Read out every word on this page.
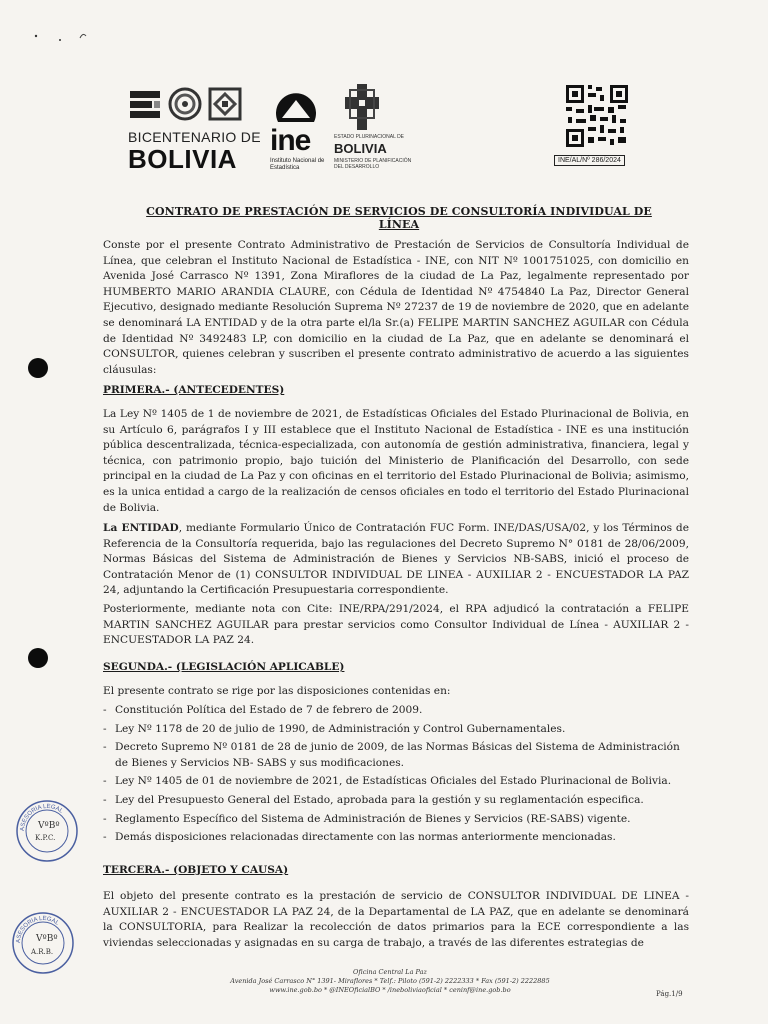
BICENTENARIO DE
BOLIVIA
ine
Instituto Nacional de Estadística
ESTADO PLURINACIONAL DE
BOLIVIA
MINISTERIO DE PLANIFICACIÓN DEL DESARROLLO
INE/AL/Nº 286/2024
CONTRATO DE PRESTACIÓN DE SERVICIOS DE CONSULTORÍA INDIVIDUAL DE LÍNEA
Conste por el presente Contrato Administrativo de Prestación de Servicios de Consultoría Individual de Línea, que celebran el Instituto Nacional de Estadística - INE, con NIT Nº 1001751025, con domicilio en Avenida José Carrasco Nº 1391, Zona Miraflores de la ciudad de La Paz, legalmente representado por HUMBERTO MARIO ARANDIA CLAURE, con Cédula de Identidad Nº 4754840 La Paz, Director General Ejecutivo, designado mediante Resolución Suprema Nº 27237 de 19 de noviembre de 2020, que en adelante se denominará LA ENTIDAD y de la otra parte el/la Sr.(a) FELIPE MARTIN SANCHEZ AGUILAR con Cédula de Identidad Nº 3492483 LP, con domicilio en la ciudad de La Paz, que en adelante se denominará el CONSULTOR, quienes celebran y suscriben el presente contrato administrativo de acuerdo a las siguientes cláusulas:
PRIMERA.- (ANTECEDENTES)
La Ley Nº 1405 de 1 de noviembre de 2021, de Estadísticas Oficiales del Estado Plurinacional de Bolivia, en su Artículo 6, parágrafos I y III establece que el Instituto Nacional de Estadística - INE es una institución pública descentralizada, técnica-especializada, con autonomía de gestión administrativa, financiera, legal y técnica, con patrimonio propio, bajo tuición del Ministerio de Planificación del Desarrollo, con sede principal en la ciudad de La Paz y con oficinas en el territorio del Estado Plurinacional de Bolivia; asimismo, es la unica entidad a cargo de la realización de censos oficiales en todo el territorio del Estado Plurinacional de Bolivia.
La ENTIDAD, mediante Formulario Único de Contratación FUC Form. INE/DAS/USA/02, y los Términos de Referencia de la Consultoría requerida, bajo las regulaciones del Decreto Supremo N° 0181 de 28/06/2009, Normas Básicas del Sistema de Administración de Bienes y Servicios NB-SABS, inició el proceso de Contratación Menor de (1) CONSULTOR INDIVIDUAL DE LINEA - AUXILIAR 2 - ENCUESTADOR LA PAZ 24, adjuntando la Certificación Presupuestaria correspondiente.
Posteriormente, mediante nota con Cite: INE/RPA/291/2024, el RPA adjudicó la contratación a FELIPE MARTIN SANCHEZ AGUILAR para prestar servicios como Consultor Individual de Línea - AUXILIAR 2 - ENCUESTADOR LA PAZ 24.
SEGUNDA.- (LEGISLACIÓN APLICABLE)
El presente contrato se rige por las disposiciones contenidas en:
- Constitución Política del Estado de 7 de febrero de 2009.
- Ley Nº 1178 de 20 de julio de 1990, de Administración y Control Gubernamentales.
- Decreto Supremo Nº 0181 de 28 de junio de 2009, de las Normas Básicas del Sistema de Administración de Bienes y Servicios NB- SABS y sus modificaciones.
- Ley Nº 1405 de 01 de noviembre de 2021, de Estadísticas Oficiales del Estado Plurinacional de Bolivia.
- Ley del Presupuesto General del Estado, aprobada para la gestión y su reglamentación especifica.
- Reglamento Específico del Sistema de Administración de Bienes y Servicios (RE-SABS) vigente.
- Demás disposiciones relacionadas directamente con las normas anteriormente mencionadas.
TERCERA.- (OBJETO Y CAUSA)
El objeto del presente contrato es la prestación de servicio de CONSULTOR INDIVIDUAL DE LINEA - AUXILIAR 2 - ENCUESTADOR LA PAZ 24, de la Departamental de LA PAZ, que en adelante se denominará la CONSULTORIA, para Realizar la recolección de datos primarios para la ECE correspondiente a las viviendas seleccionadas y asignadas en su carga de trabajo, a través de las diferentes estrategias de
ASESORIA LEGAL
VºBº
K.P.C.
ASESORIA LEGAL
VºBº
A.R.B.
Oficina Central La Paz
Avenida José Carrasco N° 1391- Miraflores * Telf.: Piloto (591-2) 2222333 * Fax (591-2) 2222885
www.ine.gob.bo * @INEOficialBO * /ineboliviaoficial * ceninf@ine.gob.bo	Pág.1/9
